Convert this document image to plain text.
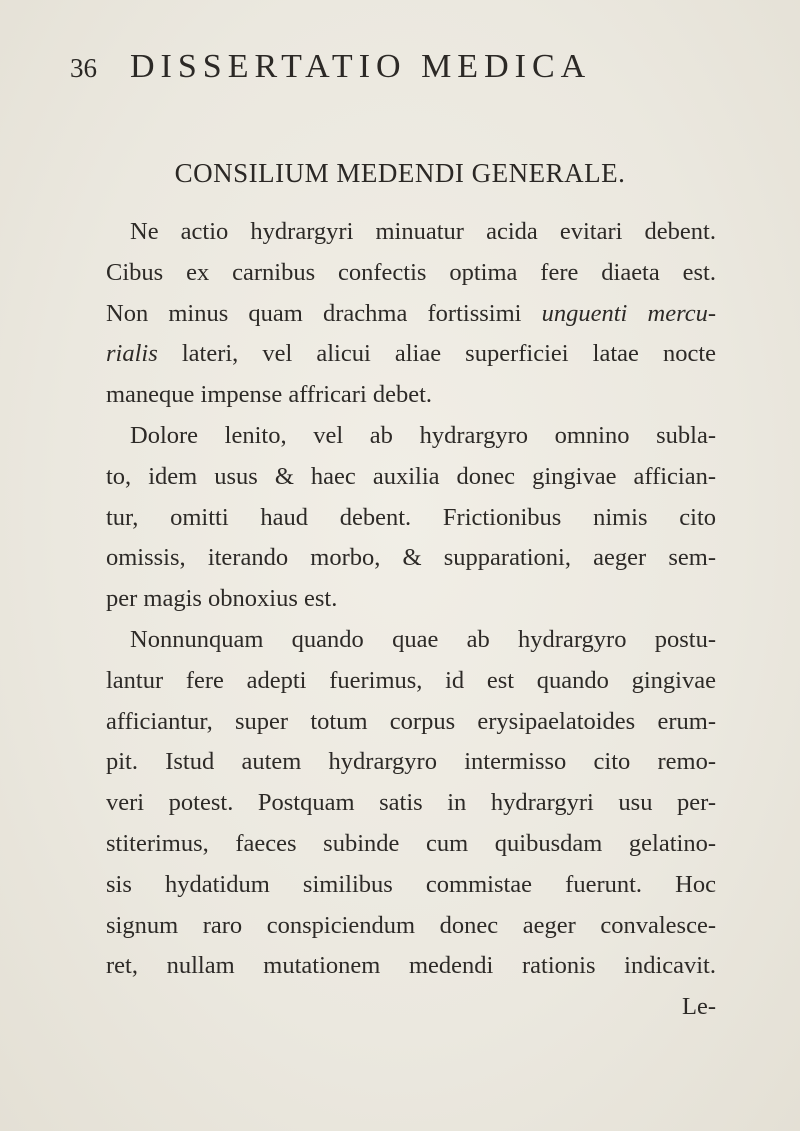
36 DISSERTATIO MEDICA
CONSILIUM MEDENDI GENERALE.
Ne actio hydrargyri minuatur acida evitari debent.
Cibus ex carnibus confectis optima fere diaeta est.
Non minus quam drachma fortissimi unguenti mercu-
rialis lateri, vel alicui aliae superficiei latae nocte
maneque impense affricari debet.
Dolore lenito, vel ab hydrargyro omnino subla-
to, idem usus & haec auxilia donec gingivae affician-
tur, omitti haud debent. Frictionibus nimis cito
omissis, iterando morbo, & supparationi, aeger sem-
per magis obnoxius est.
Nonnunquam quando quae ab hydrargyro postu-
lantur fere adepti fuerimus, id est quando gingivae
afficiantur, super totum corpus erysipaelatoides erum-
pit. Istud autem hydrargyro intermisso cito remo-
veri potest. Postquam satis in hydrargyri usu per-
stiterimus, faeces subinde cum quibusdam gelatino-
sis hydatidum similibus commistae fuerunt. Hoc
signum raro conspiciendum donec aeger convalesce-
ret, nullam mutationem medendi rationis indicavit.
Le-
